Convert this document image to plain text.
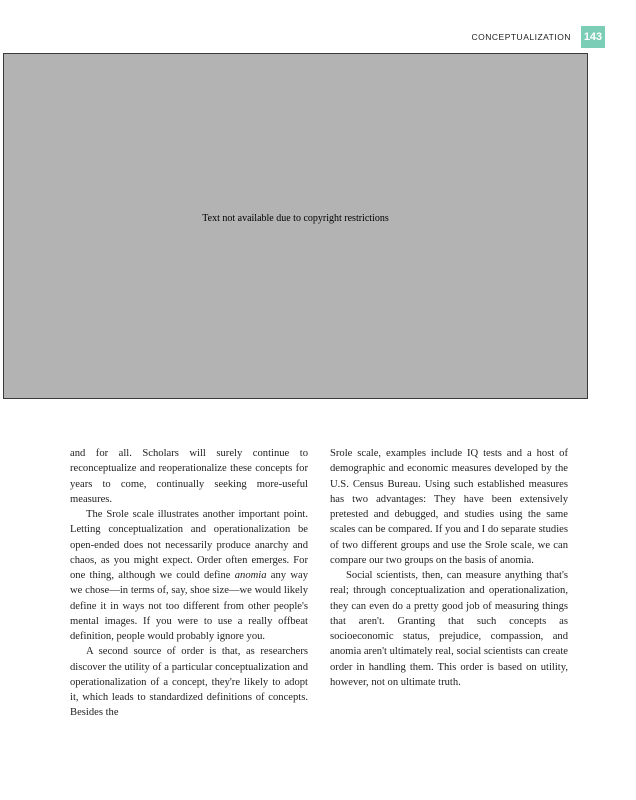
CONCEPTUALIZATION 143
Text not available due to copyright restrictions

and for all. Scholars will surely continue to reconceptualize and reoperationalize these concepts for years to come, continually seeking more-useful measures.

The Srole scale illustrates another important point. Letting conceptualization and operationalization be open-ended does not necessarily produce anarchy and chaos, as you might expect. Order often emerges. For one thing, although we could define anomia any way we chose—in terms of, say, shoe size—we would likely define it in ways not too different from other people's mental images. If you were to use a really offbeat definition, people would probably ignore you.

A second source of order is that, as researchers discover the utility of a particular conceptualization and operationalization of a concept, they're likely to adopt it, which leads to standardized definitions of concepts. Besides the

Srole scale, examples include IQ tests and a host of demographic and economic measures developed by the U.S. Census Bureau. Using such established measures has two advantages: They have been extensively pretested and debugged, and studies using the same scales can be compared. If you and I do separate studies of two different groups and use the Srole scale, we can compare our two groups on the basis of anomia.

Social scientists, then, can measure anything that's real; through conceptualization and operationalization, they can even do a pretty good job of measuring things that aren't. Granting that such concepts as socioeconomic status, prejudice, compassion, and anomia aren't ultimately real, social scientists can create order in handling them. This order is based on utility, however, not on ultimate truth.
